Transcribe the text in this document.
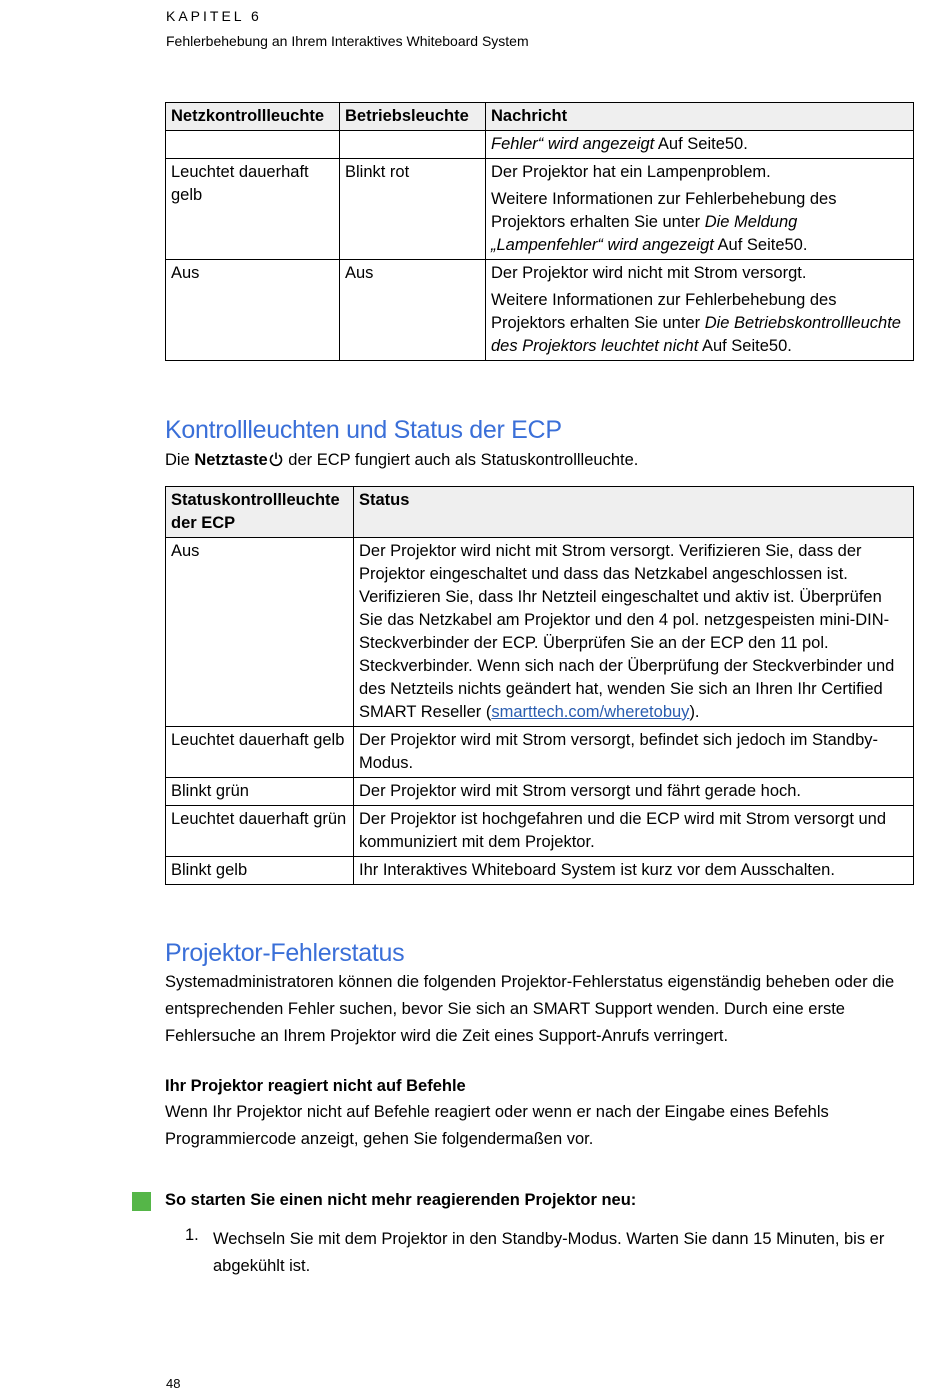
KAPITEL 6
Fehlerbehebung an Ihrem Interaktives Whiteboard System
Netzkontrollleuchte	Betriebsleuchte	Nachricht

		Fehler“ wird angezeigt Auf Seite50.

Leuchtet dauerhaft gelb	Blinkt rot	Der Projektor hat ein Lampenproblem.

Weitere Informationen zur Fehlerbehebung des Projektors erhalten Sie unter Die Meldung „Lampenfehler“ wird angezeigt Auf Seite50.

Aus	Aus	Der Projektor wird nicht mit Strom versorgt.

Weitere Informationen zur Fehlerbehebung des Projektors erhalten Sie unter Die Betriebskontrollleuchte des Projektors leuchtet nicht Auf Seite50.

Kontrollleuchten und Status der ECP

Die Netztaste der ECP fungiert auch als Statuskontrollleuchte.

Statuskontrollleuchte der ECP	Status
Aus	Der Projektor wird nicht mit Strom versorgt. Verifizieren Sie, dass der Projektor eingeschaltet und dass das Netzkabel angeschlossen ist. Verifizieren Sie, dass Ihr Netzteil eingeschaltet und aktiv ist. Überprüfen Sie das Netzkabel am Projektor und den 4 pol. netzgespeisten mini-DIN-Steckverbinder der ECP. Überprüfen Sie an der ECP den 11 pol. Steckverbinder. Wenn sich nach der Überprüfung der Steckverbinder und des Netzteils nichts geändert hat, wenden Sie sich an Ihren Ihr Certified SMART Reseller (smarttech.com/wheretobuy).
Leuchtet dauerhaft gelb	Der Projektor wird mit Strom versorgt, befindet sich jedoch im Standby-Modus.
Blinkt grün	Der Projektor wird mit Strom versorgt und fährt gerade hoch.
Leuchtet dauerhaft grün	Der Projektor ist hochgefahren und die ECP wird mit Strom versorgt und kommuniziert mit dem Projektor.
Blinkt gelb	Ihr Interaktives Whiteboard System ist kurz vor dem Ausschalten.
Projektor-Fehlerstatus

Systemadministratoren können die folgenden Projektor-Fehlerstatus eigenständig beheben oder die entsprechenden Fehler suchen, bevor Sie sich an SMART Support wenden. Durch eine erste Fehlersuche an Ihrem Projektor wird die Zeit eines Support-Anrufs verringert.

Ihr Projektor reagiert nicht auf Befehle

Wenn Ihr Projektor nicht auf Befehle reagiert oder wenn er nach der Eingabe eines Befehls Programmiercode anzeigt, gehen Sie folgendermaßen vor.

So starten Sie einen nicht mehr reagierenden Projektor neu:
1. Wechseln Sie mit dem Projektor in den Standby-Modus. Warten Sie dann 15 Minuten, bis er abgekühlt ist.
48
